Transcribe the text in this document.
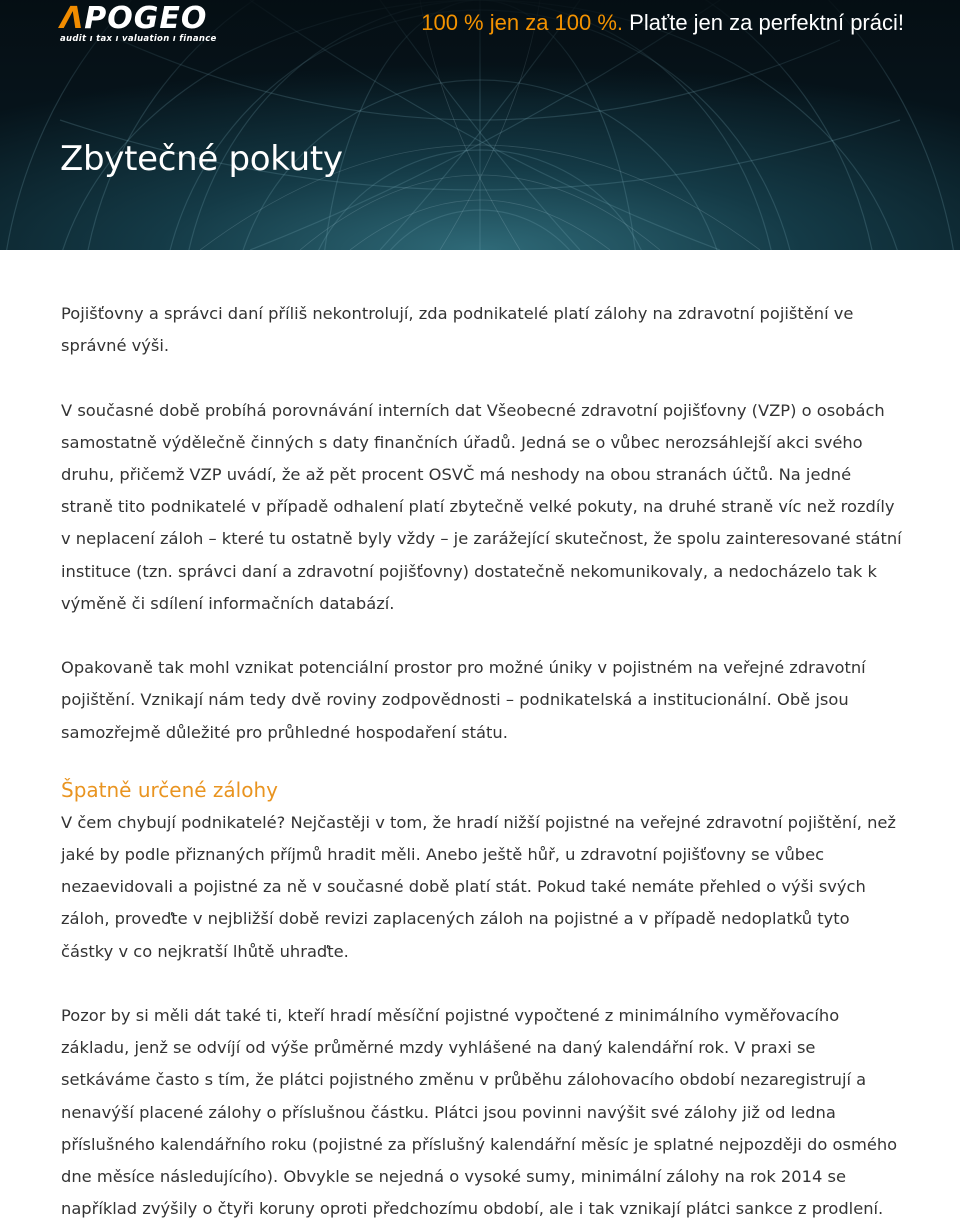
ΛPOGEO
audit ı tax ı valuation ı finance
100 % jen za 100 %. Plaťte jen za perfektní práci!
Zbytečné pokuty

Pojišťovny a správci daní příliš nekontrolují, zda podnikatelé platí zálohy na zdravotní pojištění ve správné výši.

V současné době probíhá porovnávání interních dat Všeobecné zdravotní pojišťovny (VZP) o osobách samostatně výdělečně činných s daty finančních úřadů. Jedná se o vůbec nerozsáhlejší akci svého druhu, přičemž VZP uvádí, že až pět procent OSVČ má neshody na obou stranách účtů. Na jedné straně tito podnikatelé v případě odhalení platí zbytečně velké pokuty, na druhé straně víc než rozdíly v neplacení záloh – které tu ostatně byly vždy – je zarážející skutečnost, že spolu zainteresované státní instituce (tzn. správci daní a zdravotní pojišťovny) dostatečně nekomunikovaly, a nedocházelo tak k výměně či sdílení informačních databází.

Opakovaně tak mohl vznikat potenciální prostor pro možné úniky v pojistném na veřejné zdravotní pojištění. Vznikají nám tedy dvě roviny zodpovědnosti – podnikatelská a institucionální. Obě jsou samozřejmě důležité pro průhledné hospodaření státu.

Špatně určené zálohy

V čem chybují podnikatelé? Nejčastěji v tom, že hradí nižší pojistné na veřejné zdravotní pojištění, než jaké by podle přiznaných příjmů hradit měli. Anebo ještě hůř, u zdravotní pojišťovny se vůbec nezaevidovali a pojistné za ně v současné době platí stát. Pokud také nemáte přehled o výši svých záloh, proveďte v nejbližší době revizi zaplacených záloh na pojistné a v případě nedoplatků tyto částky v co nejkratší lhůtě uhraďte.

Pozor by si měli dát také ti, kteří hradí měsíční pojistné vypočtené z minimálního vyměřovacího základu, jenž se odvíjí od výše průměrné mzdy vyhlášené na daný kalendářní rok. V praxi se setkáváme často s tím, že plátci pojistného změnu v průběhu zálohovacího období nezaregistrují a nenavýší placené zálohy o příslušnou částku. Plátci jsou povinni navýšit své zálohy již od ledna příslušného kalendářního roku (pojistné za příslušný kalendářní měsíc je splatné nejpozději do osmého dne měsíce následujícího). Obvykle se nejedná o vysoké sumy, minimální zálohy na rok 2014 se například zvýšily o čtyři koruny oproti předchozímu období, ale i tak vznikají plátci sankce z prodlení.
